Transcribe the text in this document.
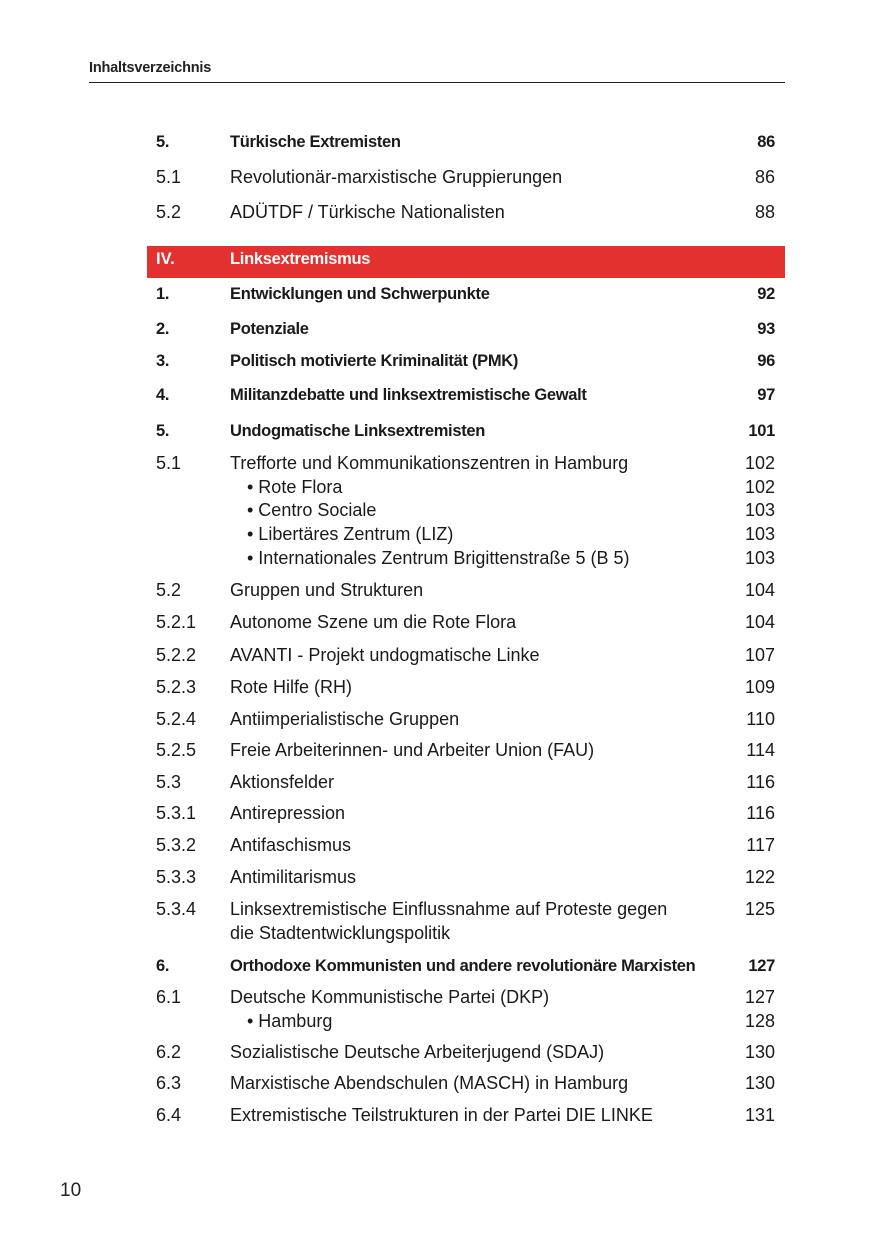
Inhaltsverzeichnis
5.	Türkische Extremisten	86
5.1	Revolutionär-marxistische Gruppierungen	86
5.2	ADÜTDF / Türkische Nationalisten	88
IV.	Linksextremismus
1.	Entwicklungen und Schwerpunkte	92
2.	Potenziale	93
3.	Politisch motivierte Kriminalität (PMK)	96
4.	Militanzdebatte und linksextremistische Gewalt	97
5.	Undogmatische Linksextremisten	101
5.1	Trefforte und Kommunikationszentren in Hamburg	102
• Rote Flora	102
• Centro Sociale	103
• Libertäres Zentrum (LIZ)	103
• Internationales Zentrum Brigittenstraße 5 (B 5)	103
5.2	Gruppen und Strukturen	104
5.2.1 Autonome Szene um die Rote Flora	104
5.2.2 AVANTI - Projekt undogmatische Linke	107
5.2.3 Rote Hilfe (RH)	109
5.2.4 Antiimperialistische Gruppen	110
5.2.5 Freie Arbeiterinnen- und Arbeiter Union (FAU)	114
5.3	Aktionsfelder	116
5.3.1 Antirepression	116
5.3.2 Antifaschismus	117
5.3.3 Antimilitarismus	122
5.3.4 Linksextremistische Einflussnahme auf Proteste gegen	125
die Stadtentwicklungspolitik
6.	Orthodoxe Kommunisten und andere revolutionäre Marxisten	127
6.1	Deutsche Kommunistische Partei (DKP)	127
• Hamburg	128
6.2	Sozialistische Deutsche Arbeiterjugend (SDAJ)	130
6.3	Marxistische Abendschulen (MASCH) in Hamburg	130
6.4	Extremistische Teilstrukturen in der Partei DIE LINKE	131
10
